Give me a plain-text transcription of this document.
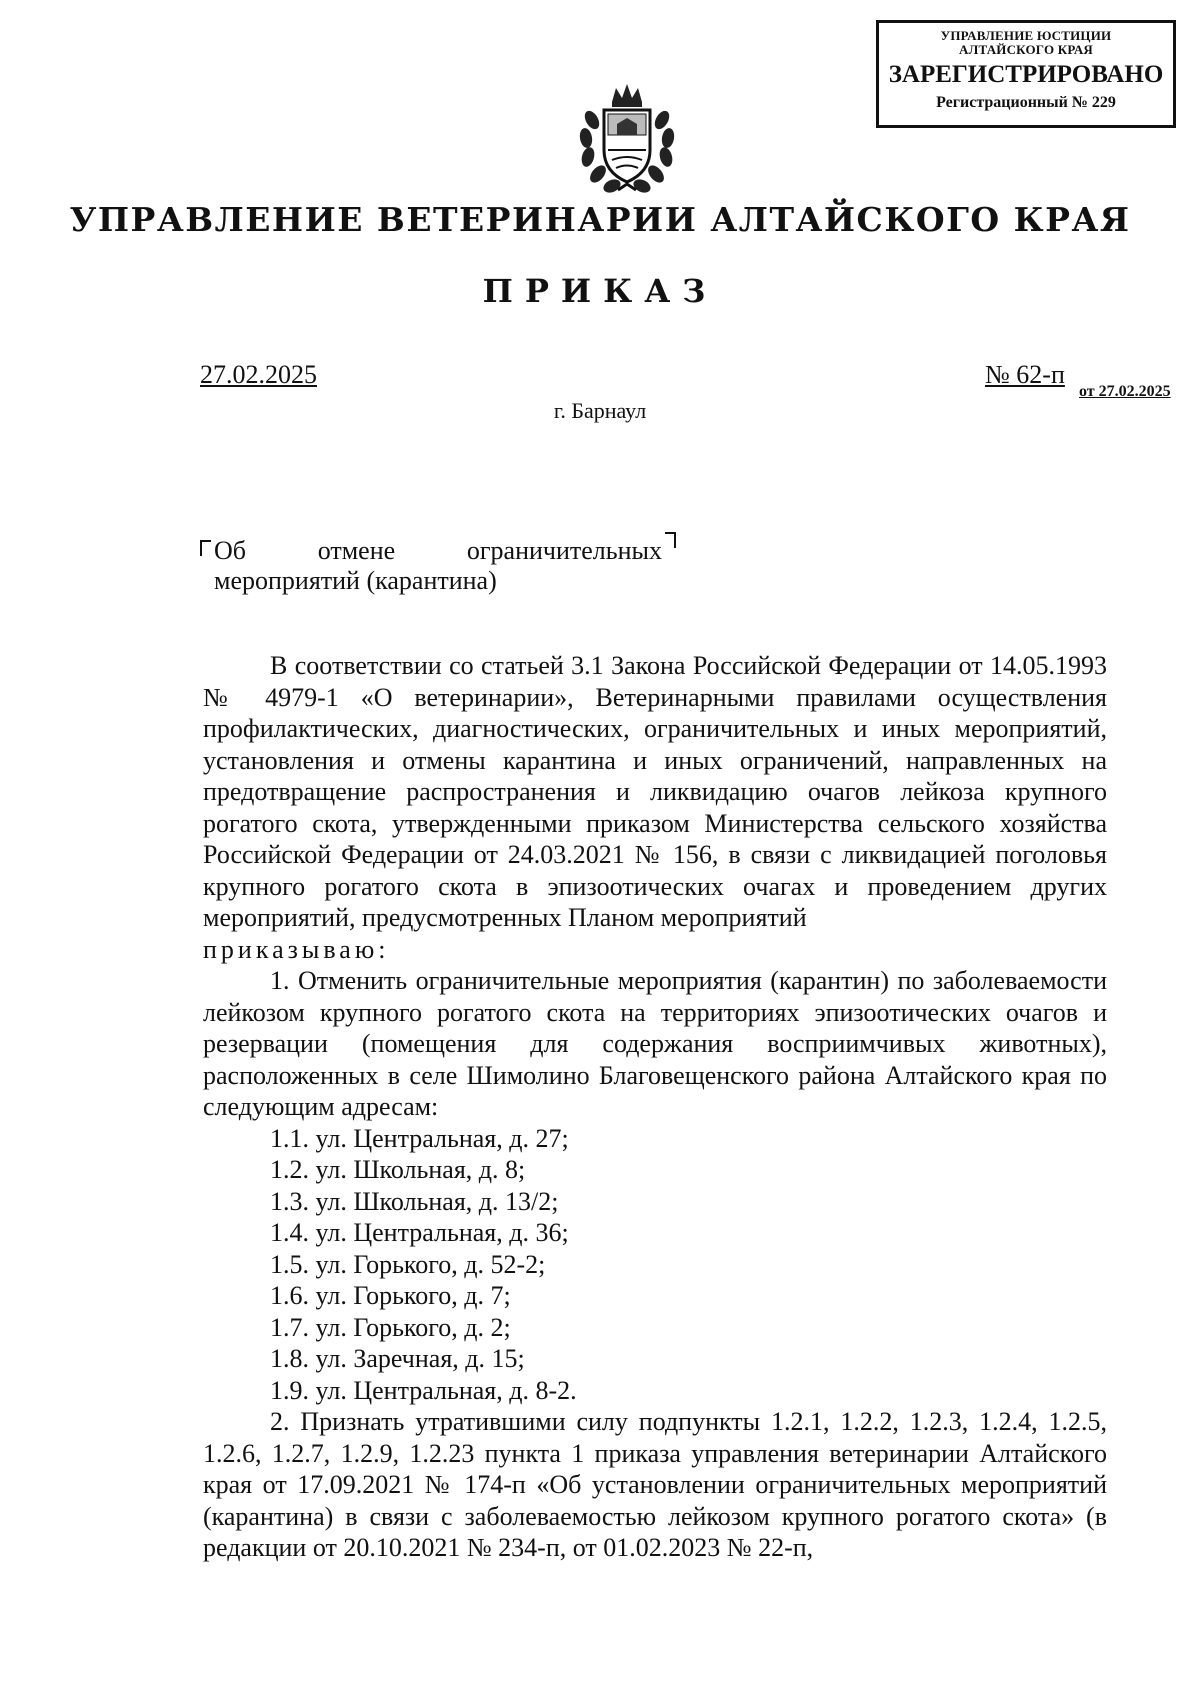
УПРАВЛЕНИЕ ЮСТИЦИИ
АЛТАЙСКОГО КРАЯ
ЗАРЕГИСТРИРОВАНО
Регистрационный № 229
от 27.02.2025
УПРАВЛЕНИЕ ВЕТЕРИНАРИИ АЛТАЙСКОГО КРАЯ
ПРИКАЗ
27.02.2025	№ 62-п
г. Барнаул
Об	отмене	ограничительных
мероприятий (карантина)

В соответствии со статьей 3.1 Закона Российской Федерации от 14.05.1993 № 4979-1 «О ветеринарии», Ветеринарными правилами осуществления профилактических, диагностических, ограничительных и иных мероприятий, установления и отмены карантина и иных ограничений, направленных на предотвращение распространения и ликвидацию очагов лейкоза крупного рогатого скота, утвержденными приказом Министерства сельского хозяйства Российской Федерации от 24.03.2021 № 156, в связи с ликвидацией поголовья крупного рогатого скота в эпизоотических очагах и проведением других мероприятий, предусмотренных Планом мероприятий

приказываю:

1. Отменить ограничительные мероприятия (карантин) по заболеваемости лейкозом крупного рогатого скота на территориях эпизоотических очагов и резервации (помещения для содержания восприимчивых животных), расположенных в селе Шимолино Благовещенского района Алтайского края по следующим адресам:

1.1. ул. Центральная, д. 27;

1.2. ул. Школьная, д. 8;

1.3. ул. Школьная, д. 13/2;

1.4. ул. Центральная, д. 36;

1.5. ул. Горького, д. 52-2;

1.6. ул. Горького, д. 7;

1.7. ул. Горького, д. 2;

1.8. ул. Заречная, д. 15;

1.9. ул. Центральная, д. 8-2.

2. Признать утратившими силу подпункты 1.2.1, 1.2.2, 1.2.3, 1.2.4, 1.2.5, 1.2.6, 1.2.7, 1.2.9, 1.2.23 пункта 1 приказа управления ветеринарии Алтайского края от 17.09.2021 № 174-п «Об установлении ограничительных мероприятий (карантина) в связи с заболеваемостью лейкозом крупного рогатого скота» (в редакции от 20.10.2021 № 234-п, от 01.02.2023 № 22-п,
